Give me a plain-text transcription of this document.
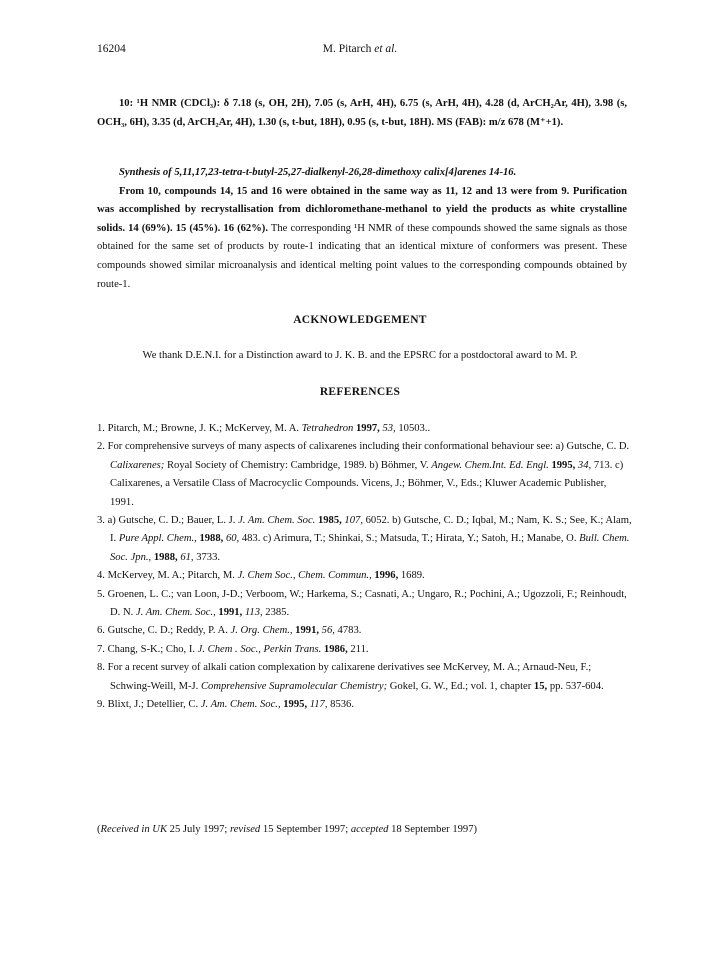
16204	M. Pitarch et al.
10: ¹H NMR (CDCl₃): δ 7.18 (s, OH, 2H), 7.05 (s, ArH, 4H), 6.75 (s, ArH, 4H), 4.28 (d, ArCH₂Ar, 4H), 3.98 (s, OCH₃, 6H), 3.35 (d, ArCH₂Ar, 4H), 1.30 (s, t-but, 18H), 0.95 (s, t-but, 18H). MS (FAB): m/z 678 (M⁺+1).
Synthesis of 5,11,17,23-tetra-t-butyl-25,27-dialkenyl-26,28-dimethoxy calix[4]arenes 14-16.
From 10, compounds 14, 15 and 16 were obtained in the same way as 11, 12 and 13 were from 9. Purification was accomplished by recrystallisation from dichloromethane-methanol to yield the products as white crystalline solids. 14 (69%). 15 (45%). 16 (62%). The corresponding ¹H NMR of these compounds showed the same signals as those obtained for the same set of products by route-1 indicating that an identical mixture of conformers was present. These compounds showed similar microanalysis and identical melting point values to the corresponding compounds obtained by route-1.
ACKNOWLEDGEMENT
We thank D.E.N.I. for a Distinction award to J. K. B. and the EPSRC for a postdoctoral award to M. P.
REFERENCES
1. Pitarch, M.; Browne, J. K.; McKervey, M. A. Tetrahedron 1997, 53, 10503..
2. For comprehensive surveys of many aspects of calixarenes including their conformational behaviour see: a) Gutsche, C. D. Calixarenes; Royal Society of Chemistry: Cambridge, 1989. b) Böhmer, V. Angew. Chem.Int. Ed. Engl. 1995, 34, 713. c) Calixarenes, a Versatile Class of Macrocyclic Compounds. Vicens, J.; Böhmer, V., Eds.; Kluwer Academic Publisher, 1991.
3. a) Gutsche, C. D.; Bauer, L. J. J. Am. Chem. Soc. 1985, 107, 6052. b) Gutsche, C. D.; Iqbal, M.; Nam, K. S.; See, K.; Alam, I. Pure Appl. Chem., 1988, 60, 483. c) Arimura, T.; Shinkai, S.; Matsuda, T.; Hirata, Y.; Satoh, H.; Manabe, O. Bull. Chem. Soc. Jpn., 1988, 61, 3733.
4. McKervey, M. A.; Pitarch, M. J. Chem Soc., Chem. Commun., 1996, 1689.
5. Groenen, L. C.; van Loon, J-D.; Verboom, W.; Harkema, S.; Casnati, A.; Ungaro, R.; Pochini, A.; Ugozzoli, F.; Reinhoudt, D. N. J. Am. Chem. Soc., 1991, 113, 2385.
6. Gutsche, C. D.; Reddy, P. A. J. Org. Chem., 1991, 56, 4783.
7. Chang, S-K.; Cho, I. J. Chem . Soc., Perkin Trans. 1986, 211.
8. For a recent survey of alkali cation complexation by calixarene derivatives see McKervey, M. A.; Arnaud-Neu, F.; Schwing-Weill, M-J. Comprehensive Supramolecular Chemistry; Gokel, G. W., Ed.; vol. 1, chapter 15, pp. 537-604.
9. Blixt, J.; Detellier, C. J. Am. Chem. Soc., 1995, 117, 8536.
(Received in UK 25 July 1997; revised 15 September 1997; accepted 18 September 1997)
